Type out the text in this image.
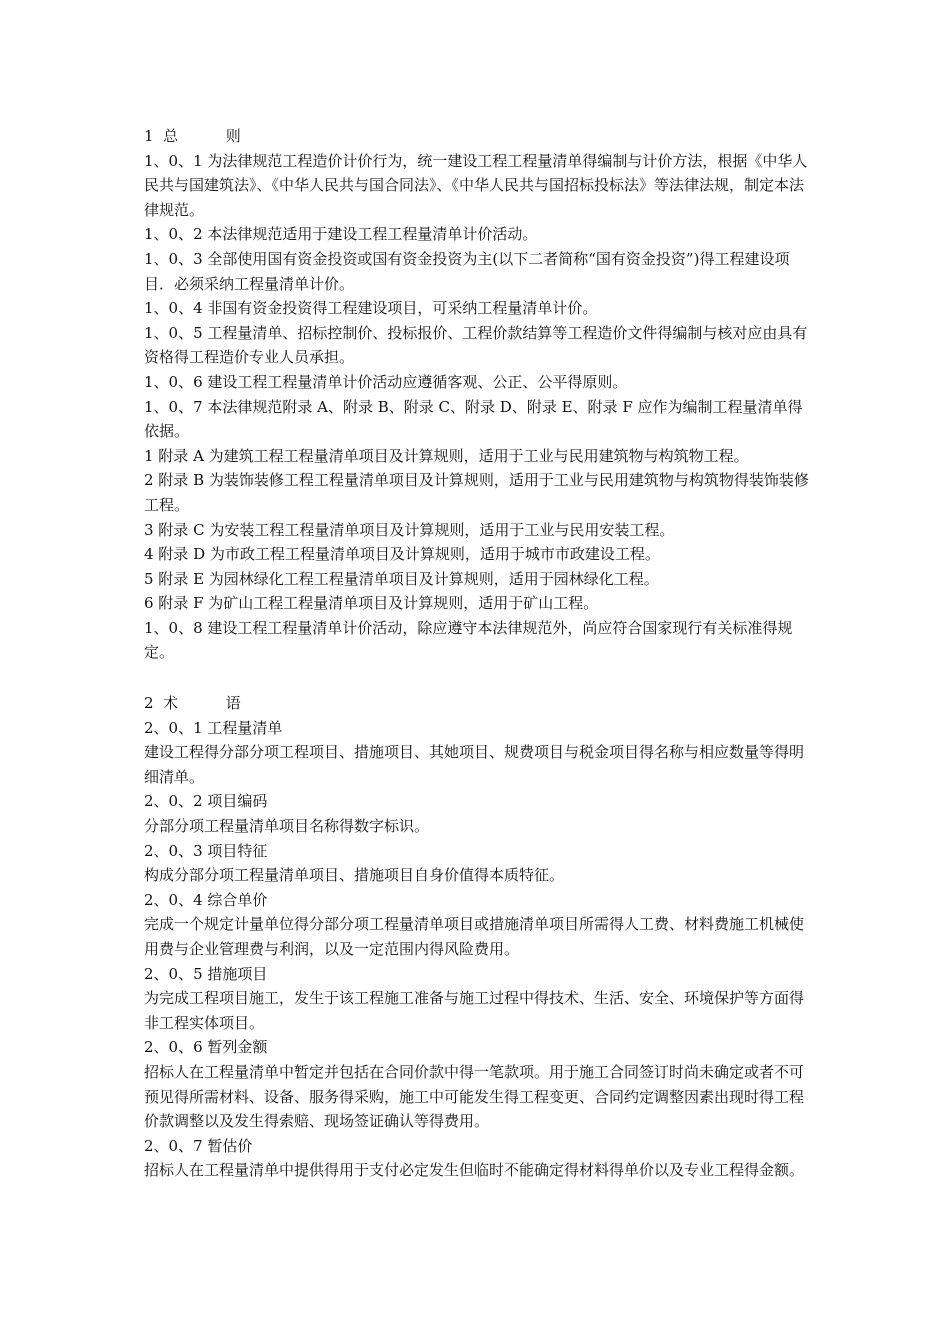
1  总          则

1、0、1 为法律规范工程造价计价行为，统一建设工程工程量清单得编制与计价方法，根据《中华人民共与国建筑法》、《中华人民共与国合同法》、《中华人民共与国招标投标法》等法律法规，制定本法律规范。

1、0、2 本法律规范适用于建设工程工程量清单计价活动。

1、0、3 全部使用国有资金投资或国有资金投资为主(以下二者简称“国有资金投资”)得工程建设项目．必须采纳工程量清单计价。

1、0、4 非国有资金投资得工程建设项目，可采纳工程量清单计价。

1、0、5 工程量清单、招标控制价、投标报价、工程价款结算等工程造价文件得编制与核对应由具有资格得工程造价专业人员承担。

1、0、6 建设工程工程量清单计价活动应遵循客观、公正、公平得原则。

1、0、7 本法律规范附录 A、附录 B、附录 C、附录 D、附录 E、附录 F 应作为编制工程量清单得依据。

1 附录 A 为建筑工程工程量清单项目及计算规则，适用于工业与民用建筑物与构筑物工程。

2 附录 B 为装饰装修工程工程量清单项目及计算规则，适用于工业与民用建筑物与构筑物得装饰装修工程。

3 附录 C 为安装工程工程量清单项目及计算规则，适用于工业与民用安装工程。

4 附录 D 为市政工程工程量清单项目及计算规则，适用于城市市政建设工程。

5 附录 E 为园林绿化工程工程量清单项目及计算规则，适用于园林绿化工程。

6 附录 F 为矿山工程工程量清单项目及计算规则，适用于矿山工程。

1、0、8 建设工程工程量清单计价活动，除应遵守本法律规范外，尚应符合国家现行有关标准得规定。

2  术          语

2、0、1 工程量清单

建设工程得分部分项工程项目、措施项目、其她项目、规费项目与税金项目得名称与相应数量等得明细清单。

2、0、2 项目编码

分部分项工程量清单项目名称得数字标识。

2、0、3 项目特征

构成分部分项工程量清单项目、措施项目自身价值得本质特征。

2、0、4 综合单价

完成一个规定计量单位得分部分项工程量清单项目或措施清单项目所需得人工费、材料费施工机械使用费与企业管理费与利润，以及一定范围内得风险费用。

2、0、5 措施项目

为完成工程项目施工，发生于该工程施工准备与施工过程中得技术、生活、安全、环境保护等方面得非工程实体项目。

2、0、6 暂列金额

招标人在工程量清单中暂定并包括在合同价款中得一笔款项。用于施工合同签订时尚未确定或者不可预见得所需材料、设备、服务得采购，施工中可能发生得工程变更、合同约定调整因素出现时得工程价款调整以及发生得索赔、现场签证确认等得费用。

2、0、7 暂估价

招标人在工程量清单中提供得用于支付必定发生但临时不能确定得材料得单价以及专业工程得金额。
